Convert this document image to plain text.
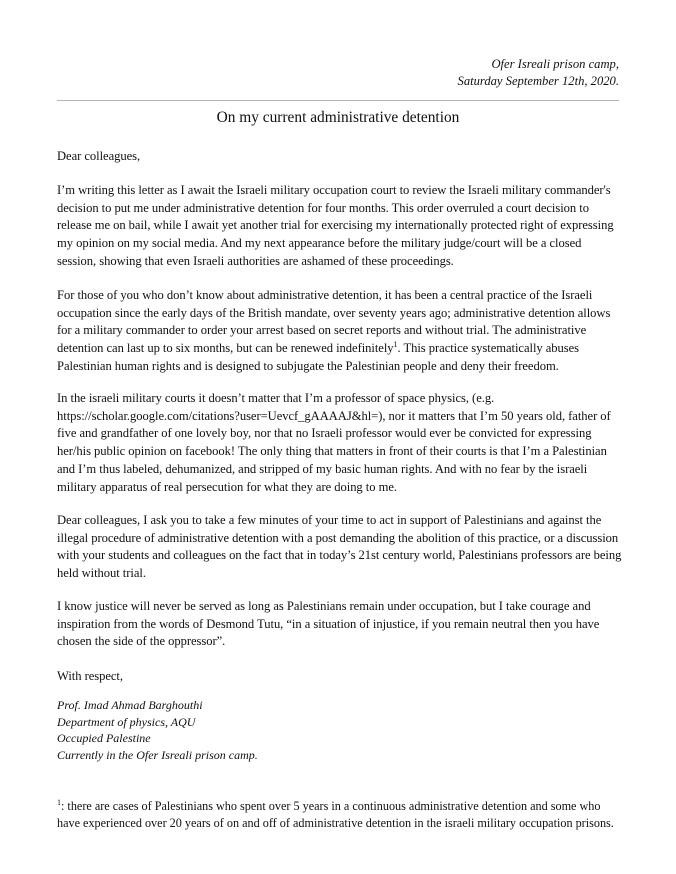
Ofer Isreali prison camp,
Saturday September 12th, 2020.
On my current administrative detention

Dear colleagues,

I’m writing this letter as I await the Israeli military occupation court to review the Israeli military commander's decision to put me under administrative detention for four months. This order overruled a court decision to release me on bail, while I await yet another trial for exercising my internationally protected right of expressing my opinion on my social media. And my next appearance before the military judge/court will be a closed session, showing that even Israeli authorities are ashamed of these proceedings.

For those of you who don’t know about administrative detention, it has been a central practice of the Israeli occupation since the early days of the British mandate, over seventy years ago; administrative detention allows for a military commander to order your arrest based on secret reports and without trial. The administrative detention can last up to six months, but can be renewed indefinitely$^1$. This practice systematically abuses Palestinian human rights and is designed to subjugate the Palestinian people and deny their freedom.

In the israeli military courts it doesn’t matter that I’m a professor of space physics, (e.g. https://scholar.google.com/citations?user=Uevcf_gAAAAJ&hl=), nor it matters that I’m 50 years old, father of five and grandfather of one lovely boy, nor that no Israeli professor would ever be convicted for expressing her/his public opinion on facebook! The only thing that matters in front of their courts is that I’m a Palestinian and I’m thus labeled, dehumanized, and stripped of my basic human rights. And with no fear by the israeli military apparatus of real persecution for what they are doing to me.

Dear colleagues, I ask you to take a few minutes of your time to act in support of Palestinians and against the illegal procedure of administrative detention with a post demanding the abolition of this practice, or a discussion with your students and colleagues on the fact that in today’s 21st century world, Palestinians professors are being held without trial.

I know justice will never be served as long as Palestinians remain under occupation, but I take courage and inspiration from the words of Desmond Tutu, “in a situation of injustice, if you remain neutral then you have chosen the side of the oppressor”.

With respect,

Prof. Imad Ahmad Barghouthi
Department of physics, AQU
Occupied Palestine
Currently in the Ofer Isreali prison camp.

$^1$: there are cases of Palestinians who spent over 5 years in a continuous administrative detention and some who have experienced over 20 years of on and off of administrative detention in the israeli military occupation prisons.
